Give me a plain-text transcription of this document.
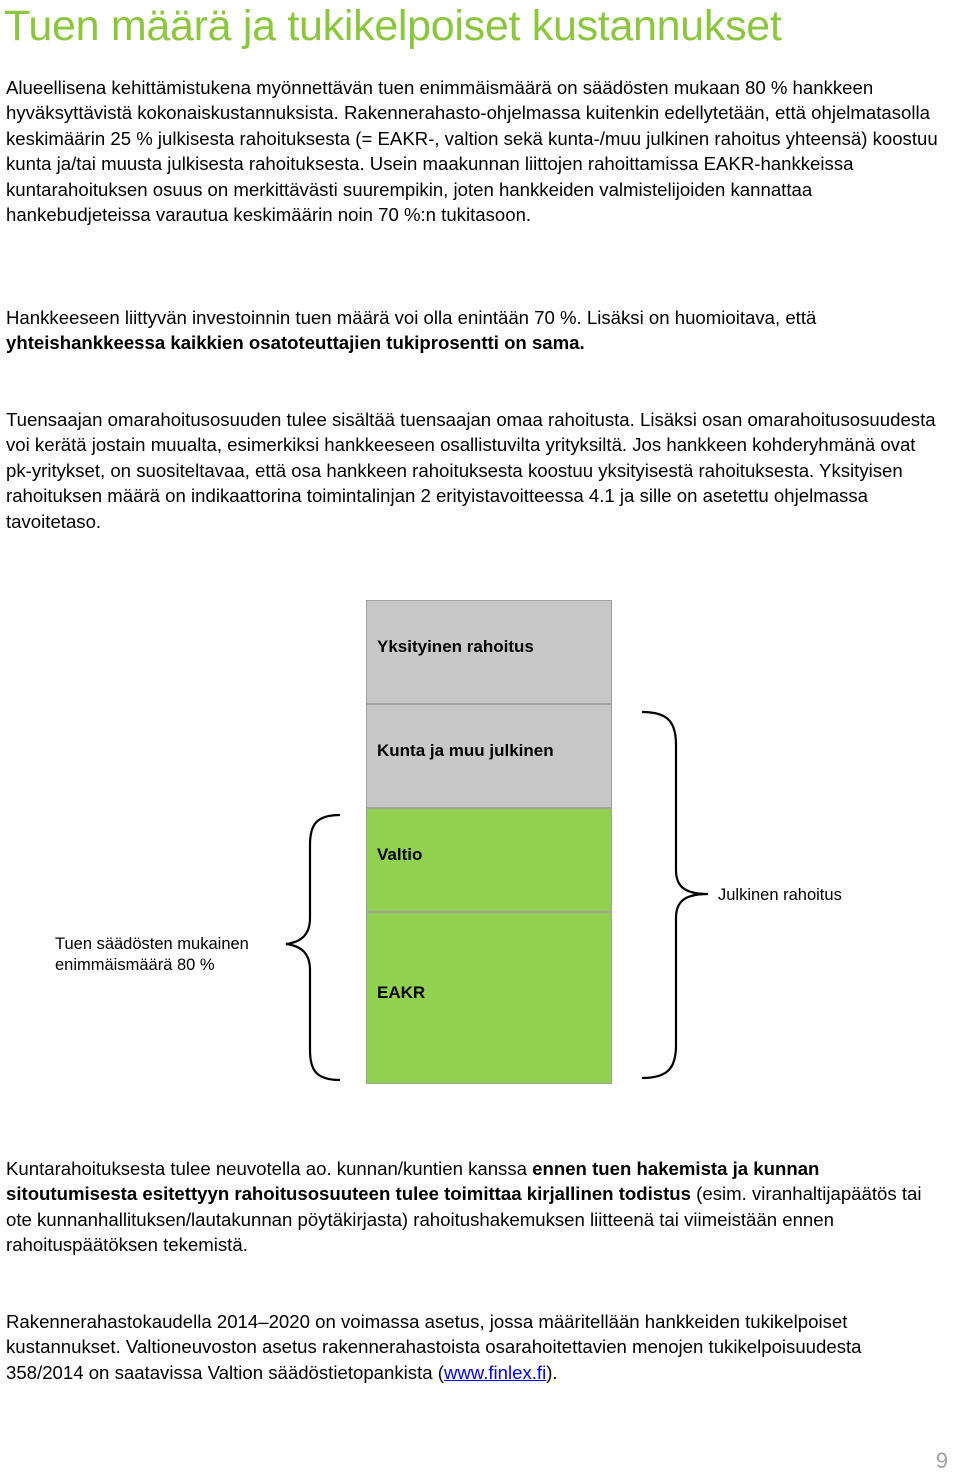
Tuen määrä ja tukikelpoiset kustannukset

Alueellisena kehittämistukena myönnettävän tuen enimmäismäärä on säädösten mukaan 80 % hankkeen hyväksyttävistä kokonaiskustannuksista. Rakennerahasto-ohjelmassa kuitenkin edellytetään, että ohjelmatasolla keskimäärin 25 % julkisesta rahoituksesta (= EAKR-, valtion sekä kunta-/muu julkinen rahoitus yhteensä) koostuu kunta ja/tai muusta julkisesta rahoituksesta. Usein maakunnan liittojen rahoittamissa EAKR-hankkeissa kuntarahoituksen osuus on merkittävästi suurempikin, joten hankkeiden valmistelijoiden kannattaa hankebudjeteissa varautua keskimäärin noin 70 %:n tukitasoon.

Hankkeeseen liittyvän investoinnin tuen määrä voi olla enintään 70 %. Lisäksi on huomioitava, että yhteishankkeessa kaikkien osatoteuttajien tukiprosentti on sama.

Tuensaajan omarahoitusosuuden tulee sisältää tuensaajan omaa rahoitusta. Lisäksi osan omarahoitusosuudesta voi kerätä jostain muualta, esimerkiksi hankkeeseen osallistuvilta yrityksiltä. Jos hankkeen kohderyhmänä ovat pk-yritykset, on suositeltavaa, että osa hankkeen rahoituksesta koostuu yksityisestä rahoituksesta. Yksityisen rahoituksen määrä on indikaattorina toimintalinjan 2 erityistavoitteessa 4.1 ja sille on asetettu ohjelmassa tavoitetaso.

Yksityinen rahoitus
Kunta ja muu julkinen
Valtio
EAKR
Julkinen rahoitus
Tuen säädösten mukainen enimmäismäärä 80 %

Kuntarahoituksesta tulee neuvotella ao. kunnan/kuntien kanssa ennen tuen hakemista ja kunnan sitoutumisesta esitettyyn rahoitusosuuteen tulee toimittaa kirjallinen todistus (esim. viranhaltijapäätös tai ote kunnanhallituksen/lautakunnan pöytäkirjasta) rahoitushakemuksen liitteenä tai viimeistään ennen rahoituspäätöksen tekemistä.

Rakennerahastokaudella 2014–2020 on voimassa asetus, jossa määritellään hankkeiden tukikelpoiset kustannukset. Valtioneuvoston asetus rakennerahastoista osarahoitettavien menojen tukikelpoisuudesta 358/2014 on saatavissa Valtion säädöstietopankista (www.finlex.fi).

9
